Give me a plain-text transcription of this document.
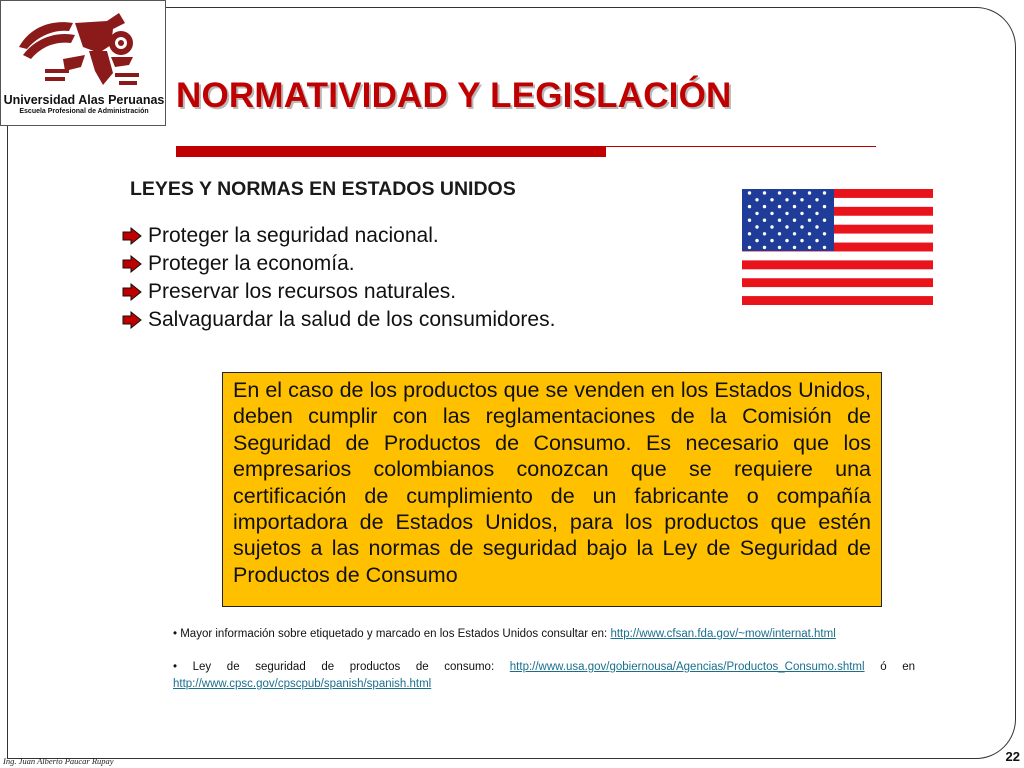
Universidad Alas Peruanas
Escuela Profesional de Administración NORMATIVIDAD Y LEGISLACIÓN
LEYES Y NORMAS EN ESTADOS UNIDOS
Proteger la seguridad nacional.
Proteger la economía.
Preservar los recursos naturales.
Salvaguardar la salud de los consumidores.
En el caso de los productos que se venden en los Estados Unidos, deben cumplir con las reglamentaciones de la Comisión de Seguridad de Productos de Consumo. Es necesario que los empresarios colombianos conozcan que se requiere una certificación de cumplimiento de un fabricante o compañía importadora de Estados Unidos, para los productos que estén sujetos a las normas de seguridad bajo la Ley de Seguridad de Productos de Consumo
• Mayor información sobre etiquetado y marcado en los Estados Unidos consultar en: http://www.cfsan.fda.gov/~mow/internat.html
• Ley de seguridad de productos de consumo: http://www.usa.gov/gobiernousa/Agencias/Productos_Consumo.shtml ó en http://www.cpsc.gov/cpscpub/spanish/spanish.html
Ing. Juan Alberto Paucar Rupay	22
